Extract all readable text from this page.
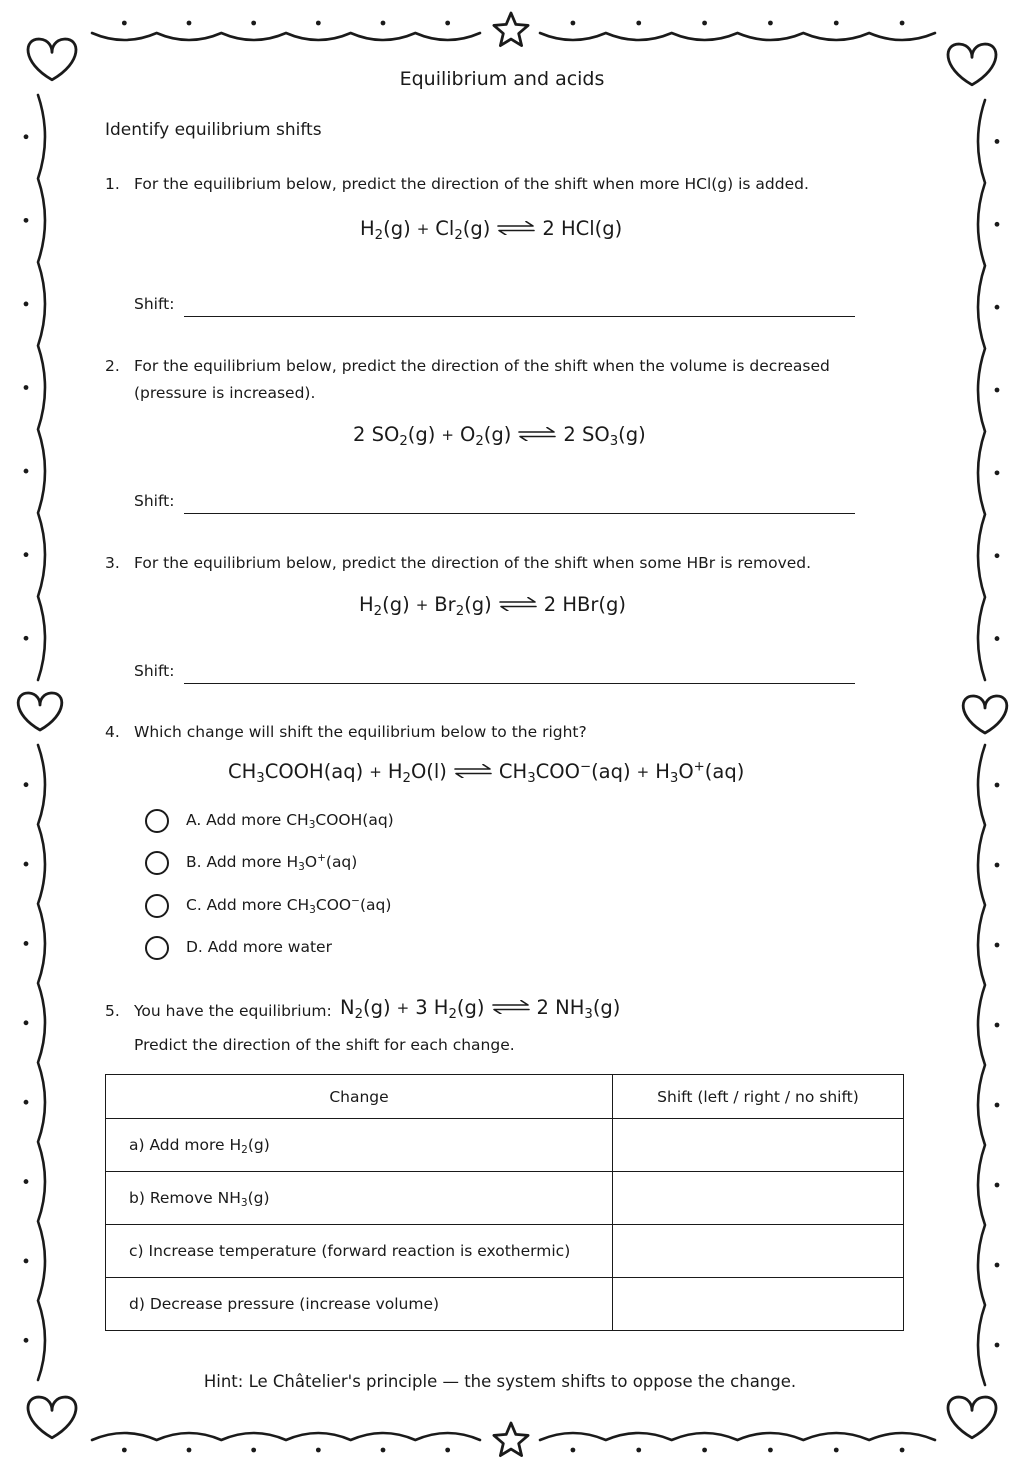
Equilibrium and acids
Identify equilibrium shifts
1. For the equilibrium below, predict the direction of the shift when more HCl(g) is added.
$H_2(g) + Cl_2(g)$ ⇌ 2 HCl(g)
Shift:
2. For the equilibrium below, predict the direction of the shift when the volume is decreased (pressure is increased).
2 $SO_2(g) + O_2(g)$ ⇌ 2 $SO_3(g)$
Shift:
3. For the equilibrium below, predict the direction of the shift when some HBr is removed.
$H_2(g) + Br_2(g)$ ⇌ 2 HBr(g)
Shift:
4. Which change will shift the equilibrium below to the right?
$CH_3COOH(aq) + H_2O(l)$ ⇌ $CH_3COO^-(aq) + H_3O^+(aq)$
A. Add more $CH_3COOH(aq)$
B. Add more $H_3O^+(aq)$
C. Add more $CH_3COO^-(aq)$
D. Add more water
5. You have the equilibrium: $N_2(g) + 3$ $H_2(g)$ ⇌ 2 $NH_3(g)$
Predict the direction of the shift for each change.
Change	Shift (left / right / no shift)
a) Add more $H_2(g)$	
b) Remove $NH_3(g)$	
c) Increase temperature (forward reaction is exothermic)	
d) Decrease pressure (increase volume)	
Hint: Le Châtelier's principle — the system shifts to oppose the change.
